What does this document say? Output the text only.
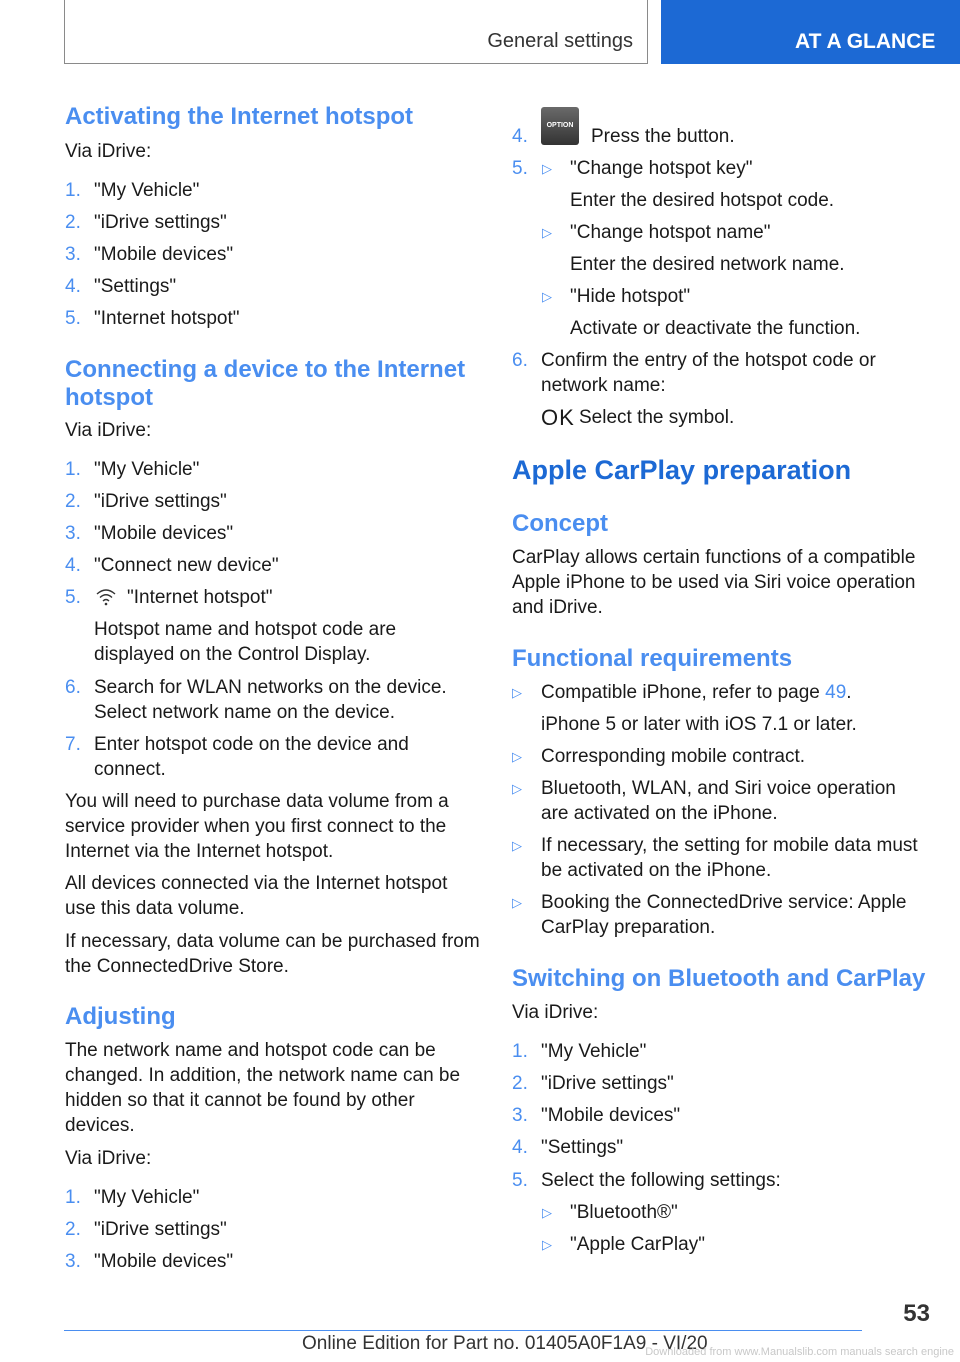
General settings	AT A GLANCE
Activating the Internet hotspot

Via iDrive:

1. "My Vehicle"

2. "iDrive settings"

3. "Mobile devices"

4. "Settings"

5. "Internet hotspot"

Connecting a device to the Internet hotspot

Via iDrive:

1. "My Vehicle"

2. "iDrive settings"

3. "Mobile devices"

4. "Connect new device"

5. "Internet hotspot"

Hotspot name and hotspot code are displayed on the Control Display.

6. Search for WLAN networks on the device. Select network name on the device.

7. Enter hotspot code on the device and connect.

You will need to purchase data volume from a service provider when you first connect to the Internet via the Internet hotspot.

All devices connected via the Internet hotspot use this data volume.

If necessary, data volume can be purchased from the ConnectedDrive Store.

Adjusting

The network name and hotspot code can be changed. In addition, the network name can be hidden so that it cannot be found by other devices.

Via iDrive:

1. "My Vehicle"

2. "iDrive settings"

3. "Mobile devices"

4.
OPTION

Press the button.

5. ▷ "Change hotspot key"

Enter the desired hotspot code.

▷ "Change hotspot name"

Enter the desired network name.

▷ "Hide hotspot"

Activate or deactivate the function.

6. Confirm the entry of the hotspot code or network name:

OK Select the symbol.

Apple CarPlay preparation
Concept

CarPlay allows certain functions of a compatible Apple iPhone to be used via Siri voice operation and iDrive.

Functional requirements
▷ Compatible iPhone, refer to page 49.

iPhone 5 or later with iOS 7.1 or later.

▷ Corresponding mobile contract.

▷ Bluetooth, WLAN, and Siri voice operation are activated on the iPhone.

▷ If necessary, the setting for mobile data must be activated on the iPhone.

▷ Booking the ConnectedDrive service: Apple CarPlay preparation.

Switching on Bluetooth and CarPlay

Via iDrive:

1. "My Vehicle"

2. "iDrive settings"

3. "Mobile devices"

4. "Settings"

5. Select the following settings:

▷ "Bluetooth®"

▷ "Apple CarPlay"

53
Online Edition for Part no. 01405A0F1A9 - VI/20
Downloaded from www.Manualslib.com manuals search engine
